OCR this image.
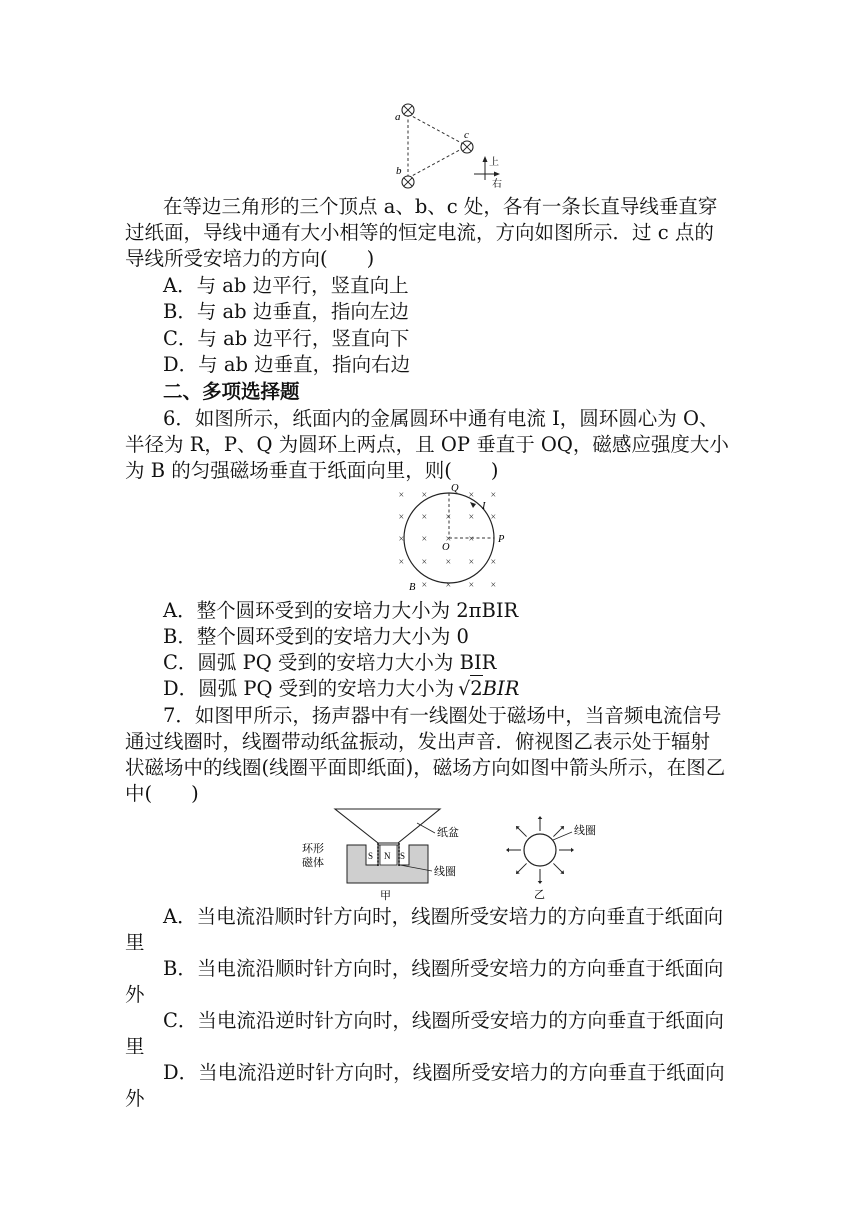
a
b
c
上
右
在等边三角形的三个顶点 a、b、c 处，各有一条长直导线垂直穿
过纸面，导线中通有大小相等的恒定电流，方向如图所示．过 c 点的
导线所受安培力的方向(　　)
A．与 ab 边平行，竖直向上
B．与 ab 边垂直，指向左边
C．与 ab 边平行，竖直向下
D．与 ab 边垂直，指向右边
二、多项选择题
6．如图所示，纸面内的金属圆环中通有电流 I，圆环圆心为 O、
半径为 R，P、Q 为圆环上两点，且 OP 垂直于 OQ，磁感应强度大小
为 B 的匀强磁场垂直于纸面向里，则(　　)
× ×	× ×
× × × × ×
× × × ×
× × × × ×
× × × ×
Q
I
O
P
B
A．整个圆环受到的安培力大小为 2πBIR
B．整个圆环受到的安培力大小为 0
C．圆弧 PQ 受到的安培力大小为 BIR
D．圆弧 PQ 受到的安培力大小为 √2BIR
7．如图甲所示，扬声器中有一线圈处于磁场中，当音频电流信号
通过线圈时，线圈带动纸盆振动，发出声音．俯视图乙表示处于辐射
状磁场中的线圈(线圈平面即纸面)，磁场方向如图中箭头所示，在图乙
中(　　)
S N S
纸盆
环形
磁体
线圈
甲
线圈
乙
A．当电流沿顺时针方向时，线圈所受安培力的方向垂直于纸面向
里
B．当电流沿顺时针方向时，线圈所受安培力的方向垂直于纸面向
外
C．当电流沿逆时针方向时，线圈所受安培力的方向垂直于纸面向
里
D．当电流沿逆时针方向时，线圈所受安培力的方向垂直于纸面向
外
